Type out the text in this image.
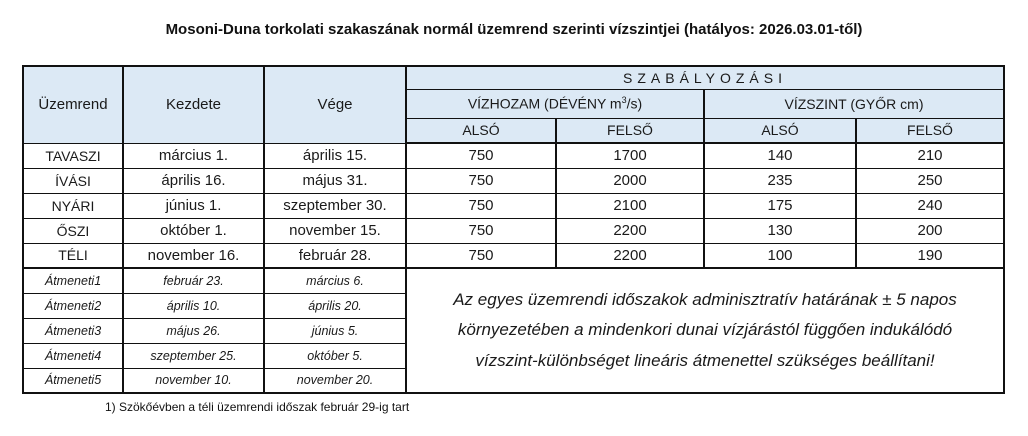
Mosoni-Duna torkolati szakaszának normál üzemrend szerinti vízszintjei (hatályos: 2026.03.01-től)
Üzemrend	Kezdete	Vége	SZABÁLYOZÁSI			
			VÍZHOZAM (DÉVÉNY $m^3/s$)		VÍZSZINT (GYŐR cm)	
			ALSÓ	FELSŐ	ALSÓ	FELSŐ
TAVASZI	március 1.	április 15.	750	1700	140	210
ÍVÁSI	április 16.	május 31.	750	2000	235	250
NYÁRI	június 1.	szeptember 30.	750	2100	175	240
ŐSZI	október 1.	november 15.	750	2200	130	200
TÉLI	november 16.	február 28.	750	2200	100	190
Átmeneti1	február 23.	március 6.	Az egyes üzemrendi időszakok adminisztratív határának ± 5 napos
környezetében a mindenkori dunai vízjárástól függően indukálódó
vízszint-különbséget lineáris átmenettel szükséges beállítani!			

Átmeneti2	április 10.	április 20.				
Átmeneti3	május 26.	június 5.				
Átmeneti4	szeptember 25.	október 5.				
Átmeneti5	november 10.	november 20.				
1) Szökőévben a téli üzemrendi időszak február 29-ig tart
